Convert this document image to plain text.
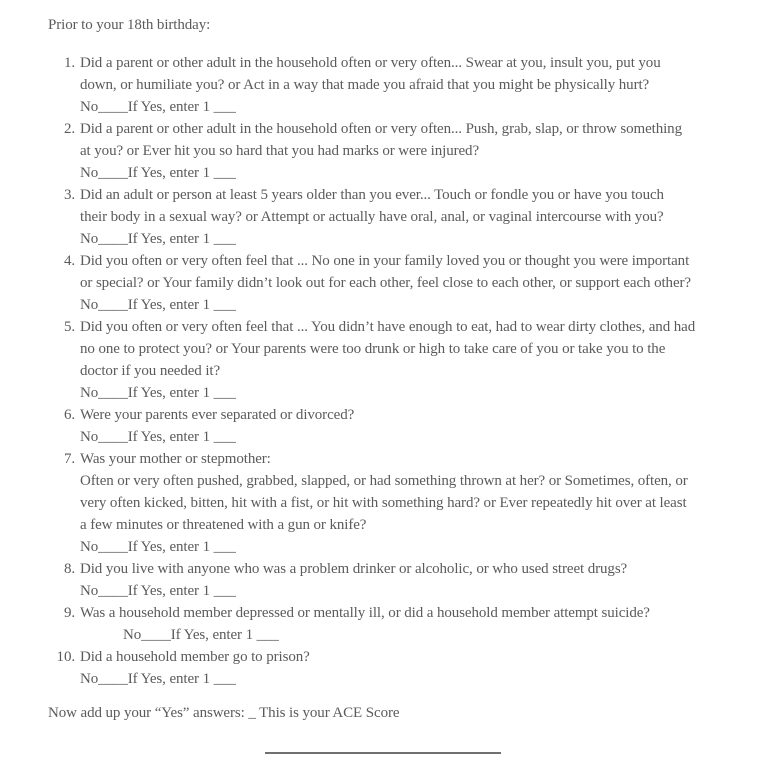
Prior to your 18th birthday:
1. Did a parent or other adult in the household often or very often... Swear at you, insult you, put you
down, or humiliate you? or Act in a way that made you afraid that you might be physically hurt?
No____If Yes, enter 1 ___
2. Did a parent or other adult in the household often or very often... Push, grab, slap, or throw something
at you? or Ever hit you so hard that you had marks or were injured?
No____If Yes, enter 1 ___
3. Did an adult or person at least 5 years older than you ever... Touch or fondle you or have you touch
their body in a sexual way? or Attempt or actually have oral, anal, or vaginal intercourse with you?
No____If Yes, enter 1 ___
4. Did you often or very often feel that ... No one in your family loved you or thought you were important
or special? or Your family didn’t look out for each other, feel close to each other, or support each other?
No____If Yes, enter 1 ___
5. Did you often or very often feel that ... You didn’t have enough to eat, had to wear dirty clothes, and had
no one to protect you? or Your parents were too drunk or high to take care of you or take you to the
doctor if you needed it?
No____If Yes, enter 1 ___
6. Were your parents ever separated or divorced?
No____If Yes, enter 1 ___
7. Was your mother or stepmother:
Often or very often pushed, grabbed, slapped, or had something thrown at her? or Sometimes, often, or
very often kicked, bitten, hit with a fist, or hit with something hard? or Ever repeatedly hit over at least
a few minutes or threatened with a gun or knife?
No____If Yes, enter 1 ___
8. Did you live with anyone who was a problem drinker or alcoholic, or who used street drugs?
No____If Yes, enter 1 ___
9. Was a household member depressed or mentally ill, or did a household member attempt suicide?
No____If Yes, enter 1 ___
10. Did a household member go to prison?
No____If Yes, enter 1 ___
Now add up your “Yes” answers: _ This is your ACE Score
